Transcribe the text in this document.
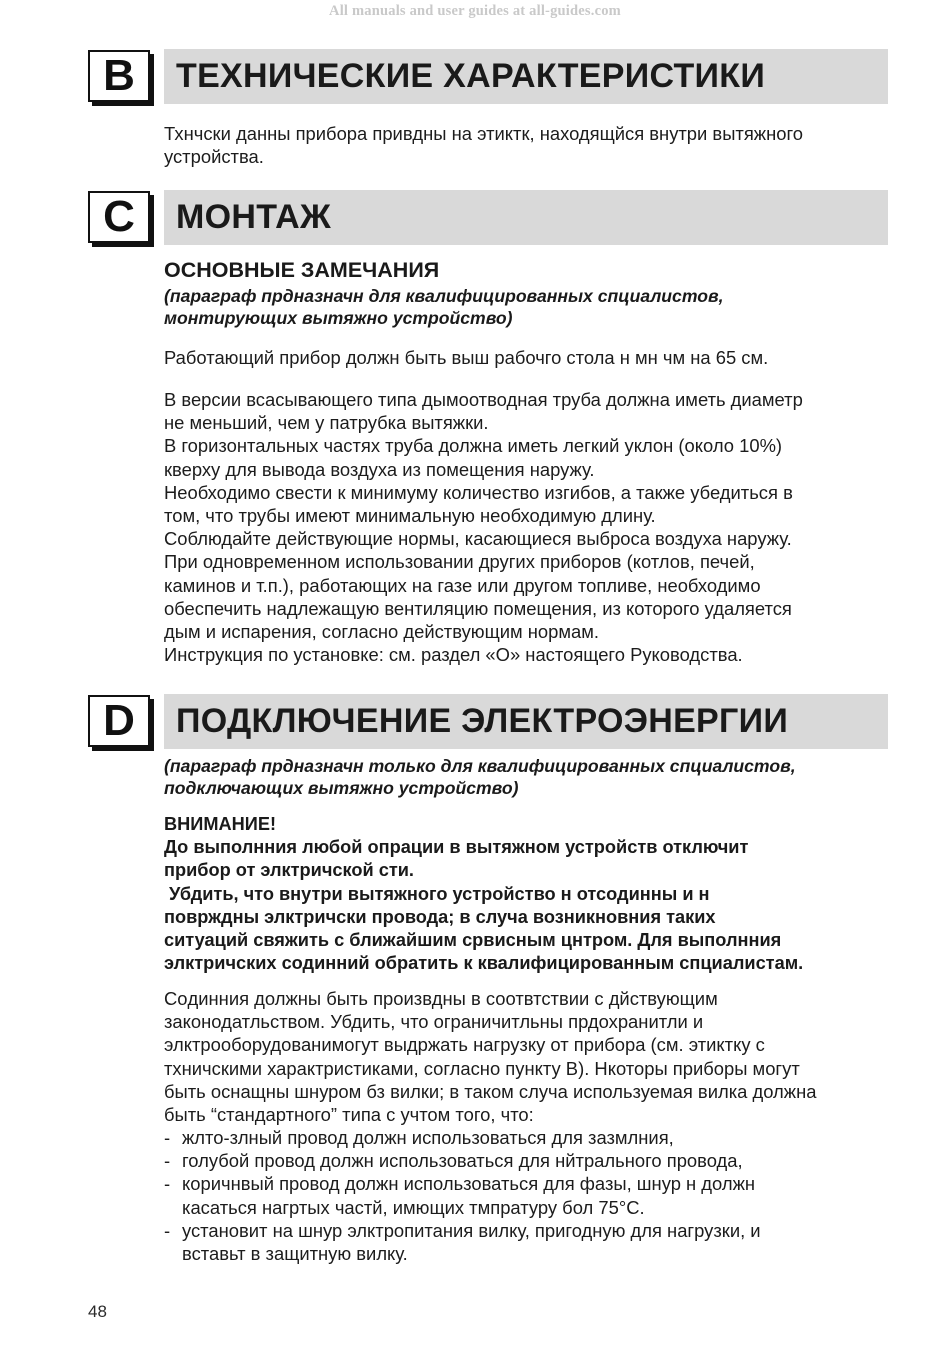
All manuals and user guides at all-guides.com
B	ТЕХНИЧЕСКИЕ ХАРАКТЕРИСТИКИ
Тхнчски данны прибора привдны на этиктк, находящйся внутри вытяжного
устройства.
C	МОНТАЖ
ОСНОВНЫЕ ЗАМЕЧАНИЯ
(параграф прдназначн для квалифицированных спциалистов,
монтирующих вытяжно устройство)
Работающий прибор должн быть выш рабочго стола н мн чм на 65 см.
В версии всасывающего типа дымоотводная труба должна иметь диаметр
не меньший, чем у патрубка вытяжки.
В горизонтальных частях труба должна иметь легкий уклон (около 10%)
кверху для вывода воздуха из помещения наружу.
Необходимо свести к минимуму количество изгибов, а также убедиться в
том, что трубы имеют минимальную необходимую длину.
Соблюдайте действующие нормы, касающиеся выброса воздуха наружу.
При одновременном использовании других приборов (котлов, печей,
каминов и т.п.), работающих на газе или другом топливе, необходимо
обеспечить надлежащую вентиляцию помещения, из которого удаляется
дым и испарения, согласно действующим нормам.
Инструкция по установке: см. раздел «О» настоящего Руководства.
D	ПОДКЛЮЧЕНИЕ ЭЛЕКТРОЭНЕРГИИ
(параграф прдназначн только для квалифицированных спциалистов,
подключающих вытяжно устройство)
ВНИМАНИЕ!
До выполнния любой опрации в вытяжном устройств отключит
прибор от элктричской сти.
Убдить, что внутри вытяжного устройство н отсодинны и н
поврждны элктричски провода; в случа возникновния таких
ситуаций свяжить с ближайшим срвисным цнтром. Для выполнния
элктричских содинний обратить к квалифицированным спциалистам.
Сoдинния должны быть произвдны в соотвтствии с дйствующим
законодатльством. Убдить, что ограничитльны прдохранитли и
элктрооборудованимогут выдржать нагрузку от прибора (см. этиктку с
тхничскими характристиками, согласно пункту В). Нкоторы приборы могут
быть оснащны шнуром бз вилки; в таком случа используемая вилка должна
быть “стандартного” типа с учтом того, что:
- жлто-злный провод должн использоваться для зазмлния,
- голубой провод должн использоваться для нйтрального провода,
- коричнвый провод должн использоваться для фазы, шнур н должн
касаться нагртых частй, имющих тмпратуру бол 75°C.
- установит на шнур элктропитания вилку, пригодную для нагрузки, и
вставьт в защитную вилку.
48
